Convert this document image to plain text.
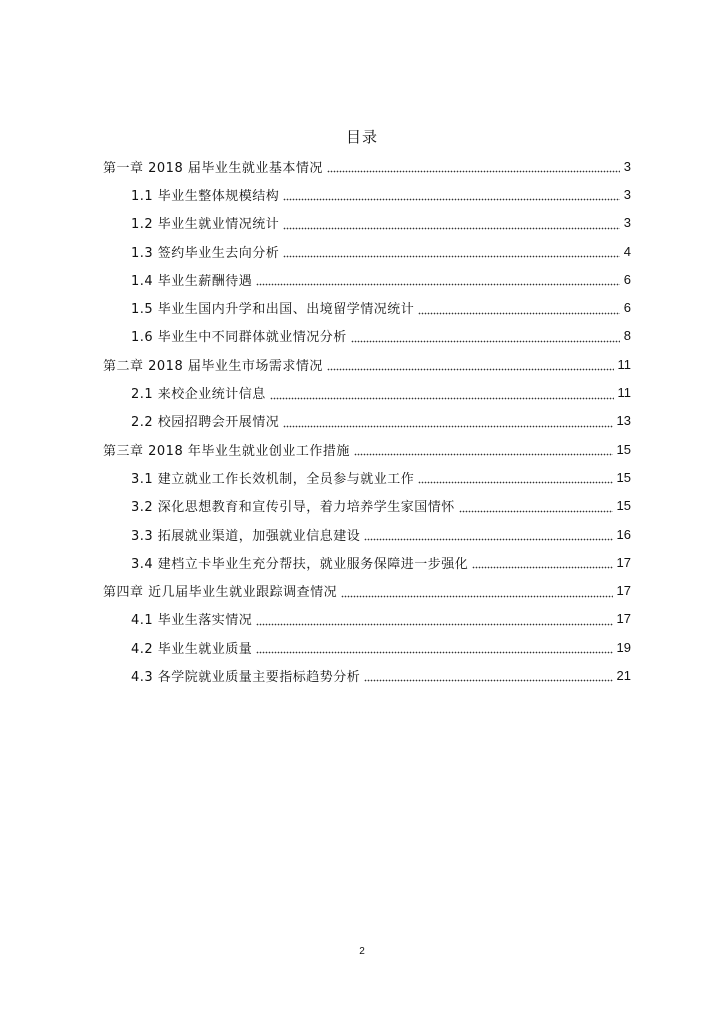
目录
第一章 2018 届毕业生就业基本情况	3
1.1 毕业生整体规模结构	3
1.2 毕业生就业情况统计	3
1.3 签约毕业生去向分析	4
1.4 毕业生薪酬待遇	6
1.5 毕业生国内升学和出国、出境留学情况统计	6
1.6 毕业生中不同群体就业情况分析	8
第二章 2018 届毕业生市场需求情况	11
2.1 来校企业统计信息	11
2.2 校园招聘会开展情况	13
第三章 2018 年毕业生就业创业工作措施	15
3.1 建立就业工作长效机制，全员参与就业工作	15
3.2 深化思想教育和宣传引导，着力培养学生家国情怀	15
3.3 拓展就业渠道，加强就业信息建设	16
3.4 建档立卡毕业生充分帮扶，就业服务保障进一步强化	17
第四章 近几届毕业生就业跟踪调查情况	17
4.1 毕业生落实情况	17
4.2 毕业生就业质量	19
4.3 各学院就业质量主要指标趋势分析	21
2
